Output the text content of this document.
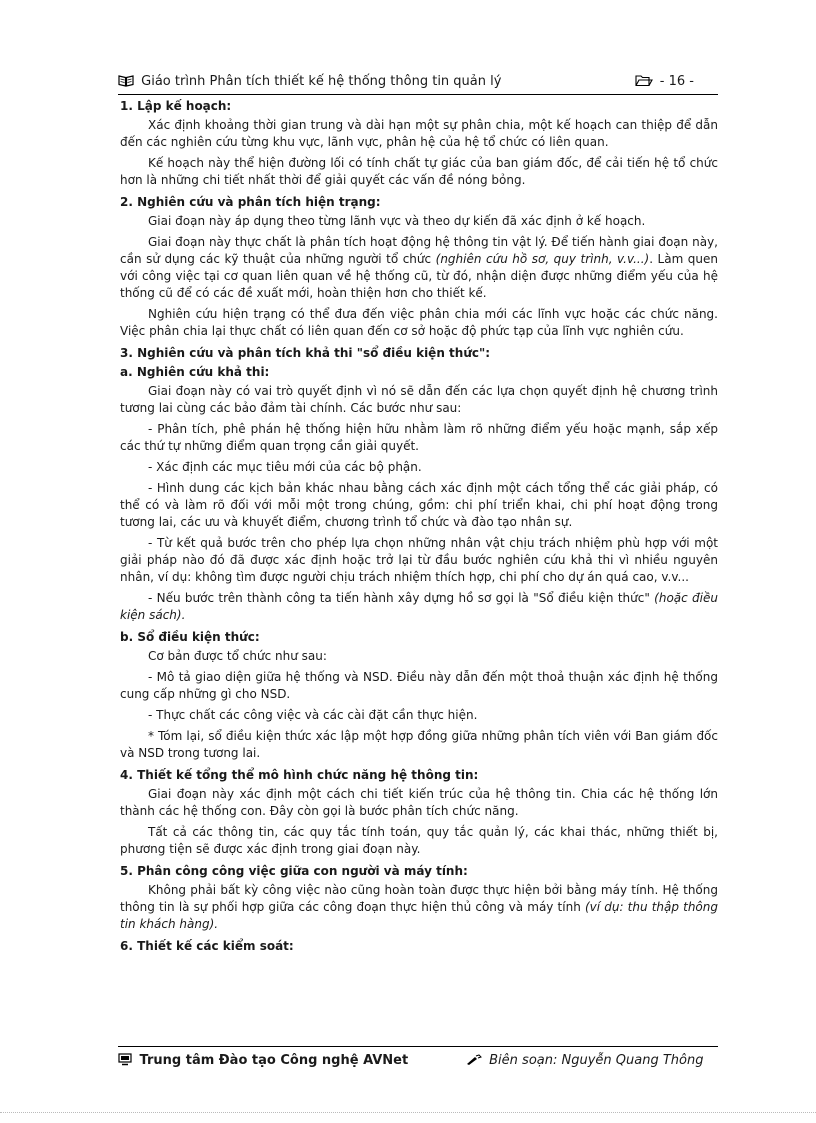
Giáo trình Phân tích thiết kế hệ thống thông tin quản lý	- 16 -
1. Lập kế hoạch:
Xác định khoảng thời gian trung và dài hạn một sự phân chia, một kế hoạch can thiệp để dẫn đến các nghiên cứu từng khu vực, lãnh vực, phân hệ của hệ tổ chức có liên quan.
Kế hoạch này thể hiện đường lối có tính chất tự giác của ban giám đốc, để cải tiến hệ tổ chức hơn là những chi tiết nhất thời để giải quyết các vấn đề nóng bỏng.
2. Nghiên cứu và phân tích hiện trạng:
Giai đoạn này áp dụng theo từng lãnh vực và theo dự kiến đã xác định ở kế hoạch.
Giai đoạn này thực chất là phân tích hoạt động hệ thông tin vật lý. Để tiến hành giai đoạn này, cần sử dụng các kỹ thuật của những người tổ chức (nghiên cứu hồ sơ, quy trình, v.v...). Làm quen với công việc tại cơ quan liên quan về hệ thống cũ, từ đó, nhận diện được những điểm yếu của hệ thống cũ để có các đề xuất mới, hoàn thiện hơn cho thiết kế.
Nghiên cứu hiện trạng có thể đưa đến việc phân chia mới các lĩnh vực hoặc các chức năng. Việc phân chia lại thực chất có liên quan đến cơ sở hoặc độ phức tạp của lĩnh vực nghiên cứu.
3. Nghiên cứu và phân tích khả thi "sổ điều kiện thức":
a. Nghiên cứu khả thi:
Giai đoạn này có vai trò quyết định vì nó sẽ dẫn đến các lựa chọn quyết định hệ chương trình tương lai cùng các bảo đảm tài chính. Các bước như sau:
- Phân tích, phê phán hệ thống hiện hữu nhằm làm rõ những điểm yếu hoặc mạnh, sắp xếp các thứ tự những điểm quan trọng cần giải quyết.
- Xác định các mục tiêu mới của các bộ phận.
- Hình dung các kịch bản khác nhau bằng cách xác định một cách tổng thể các giải pháp, có thể có và làm rõ đối với mỗi một trong chúng, gồm: chi phí triển khai, chi phí hoạt động trong tương lai, các ưu và khuyết điểm, chương trình tổ chức và đào tạo nhân sự.
- Từ kết quả bước trên cho phép lựa chọn những nhân vật chịu trách nhiệm phù hợp với một giải pháp nào đó đã được xác định hoặc trở lại từ đầu bước nghiên cứu khả thi vì nhiều nguyên nhân, ví dụ: không tìm được người chịu trách nhiệm thích hợp, chi phí cho dự án quá cao, v.v...
- Nếu bước trên thành công ta tiến hành xây dựng hồ sơ gọi là "Sổ điều kiện thức" (hoặc điều kiện sách).
b. Sổ điều kiện thức:
Cơ bản được tổ chức như sau:
- Mô tả giao diện giữa hệ thống và NSD. Điều này dẫn đến một thoả thuận xác định hệ thống cung cấp những gì cho NSD.
- Thực chất các công việc và các cài đặt cần thực hiện.
* Tóm lại, sổ điều kiện thức xác lập một hợp đồng giữa những phân tích viên với Ban giám đốc và NSD trong tương lai.
4. Thiết kế tổng thể mô hình chức năng hệ thông tin:
Giai đoạn này xác định một cách chi tiết kiến trúc của hệ thông tin. Chia các hệ thống lớn thành các hệ thống con. Đây còn gọi là bước phân tích chức năng.
Tất cả các thông tin, các quy tắc tính toán, quy tắc quản lý, các khai thác, những thiết bị, phương tiện sẽ được xác định trong giai đoạn này.
5. Phân công công việc giữa con người và máy tính:
Không phải bất kỳ công việc nào cũng hoàn toàn được thực hiện bởi bằng máy tính. Hệ thống thông tin là sự phối hợp giữa các công đoạn thực hiện thủ công và máy tính (ví dụ: thu thập thông tin khách hàng).
6. Thiết kế các kiểm soát:
Trung tâm Đào tạo Công nghệ AVNet	Biên soạn: Nguyễn Quang Thông
